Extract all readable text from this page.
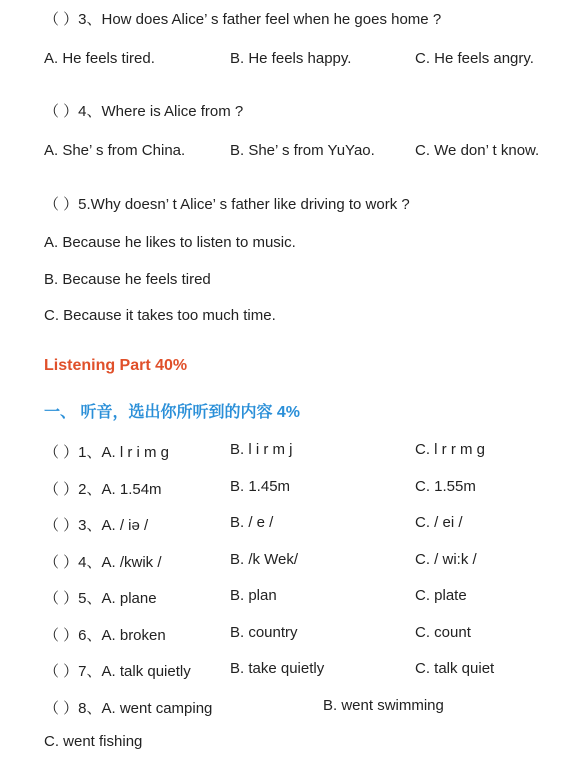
（ ）3、How does Alice’ s father feel when he goes home ?
A. He feels tired.	B. He feels happy.	C. He feels angry.
（ ）4、Where is Alice from ?
A. She’ s from China.	B. She’ s from YuYao.	C. We don’ t know.
（ ）5.Why doesn’ t Alice’ s father like driving to work ?
A. Because he likes to listen to music.
B. Because he feels tired
C. Because it takes too much time.
Listening Part 40%
一、 听音，选出你所听到的内容 4%
（ ）1、A. l r i m g	B. l i r m j	C. l r r m g
（ ）2、A. 1.54m	B. 1.45m	C. 1.55m
（ ）3、A. / iə /	B. / e /	C. / ei /
（ ）4、A. /kwik /	B. /k Wek/	C. / wi:k /
（ ）5、A. plane	B. plan	C. plate
（ ）6、A. broken	B. country	C. count
（ ）7、A. talk quietly	B. take quietly	C. talk quiet
（ ）8、A. went camping	B. went swimming
C. went fishing
